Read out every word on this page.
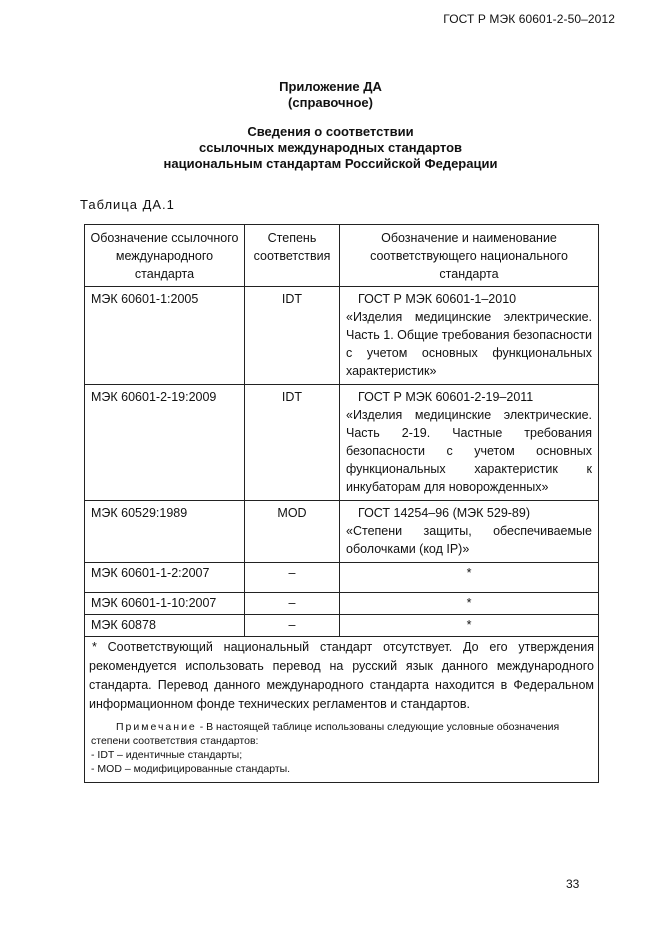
ГОСТ Р МЭК 60601-2-50–2012
Приложение ДА
(справочное)
Сведения о соответствии
ссылочных международных стандартов
национальным стандартам Российской Федерации
Таблица ДА.1
Обозначение ссылочного международного стандарта	Степень соответствия	Обозначение и наименование соответствующего национального стандарта
МЭК 60601-1:2005	IDT	ГОСТ Р МЭК 60601-1–2010
«Изделия медицинские электрические. Часть 1. Общие требования безопасности с учетом основных функциональных характеристик»
МЭК 60601-2-19:2009	IDT	ГОСТ Р МЭК 60601-2-19–2011
«Изделия медицинские электрические. Часть 2-19. Частные требования безопасности с учетом основных функциональных характеристик к инкубаторам для новорожденных»
МЭК 60529:1989	MOD	ГОСТ 14254–96 (МЭК 529-89)
«Степени защиты, обеспечиваемые оболочками (код IP)»
МЭК 60601-1-2:2007	–	*
МЭК 60601-1-10:2007	–	*
МЭК 60878	–	*

* Соответствующий национальный стандарт отсутствует. До его утверждения рекомендуется использовать перевод на русский язык данного международного стандарта. Перевод данного международного стандарта находится в Федеральном информационном фонде технических регламентов и стандартов.
Примечание - В настоящей таблице использованы следующие условные обозначения степени соответствия стандартов:
- IDT – идентичные стандарты;
- MOD – модифицированные стандарты.		
33
